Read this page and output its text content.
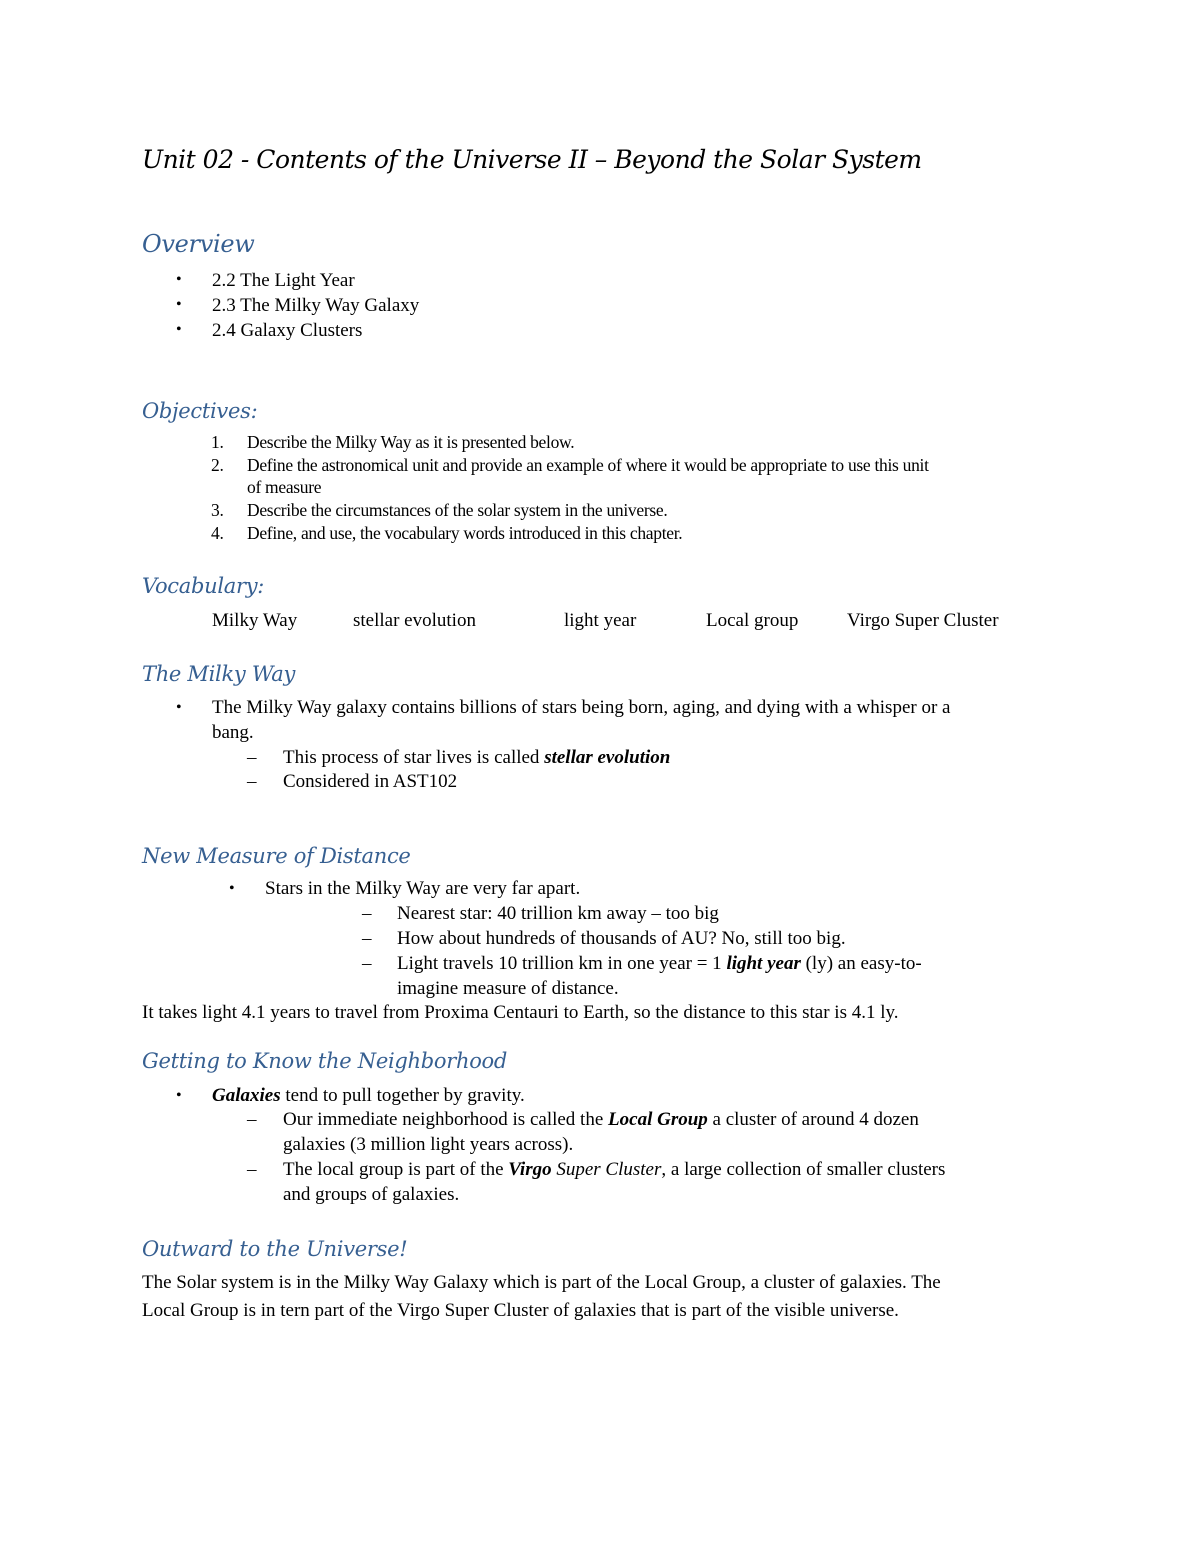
Unit 02 - Contents of the Universe II – Beyond the Solar System
Overview
• 2.2 The Light Year
• 2.3 The Milky Way Galaxy
• 2.4 Galaxy Clusters
Objectives:
1. Describe the Milky Way as it is presented below.
2. Define the astronomical unit and provide an example of where it would be appropriate to use this unit
of measure
3. Describe the circumstances of the solar system in the universe.
4. Define, and use, the vocabulary words introduced in this chapter.
Vocabulary:
Milky Way	stellar evolution	light year	Local group	Virgo Super Cluster
The Milky Way
• The Milky Way galaxy contains billions of stars being born, aging, and dying with a whisper or a
bang.
– This process of star lives is called stellar evolution
– Considered in AST102
New Measure of Distance
• Stars in the Milky Way are very far apart.
– Nearest star: 40 trillion km away – too big
– How about hundreds of thousands of AU? No, still too big.
– Light travels 10 trillion km in one year = 1 light year (ly) an easy-to-
imagine measure of distance.
It takes light 4.1 years to travel from Proxima Centauri to Earth, so the distance to this star is 4.1 ly.
Getting to Know the Neighborhood
• Galaxies tend to pull together by gravity.
– Our immediate neighborhood is called the Local Group a cluster of around 4 dozen
galaxies (3 million light years across).
– The local group is part of the Virgo Super Cluster, a large collection of smaller clusters
and groups of galaxies.
Outward to the Universe!
The Solar system is in the Milky Way Galaxy which is part of the Local Group, a cluster of galaxies. The
Local Group is in tern part of the Virgo Super Cluster of galaxies that is part of the visible universe.
